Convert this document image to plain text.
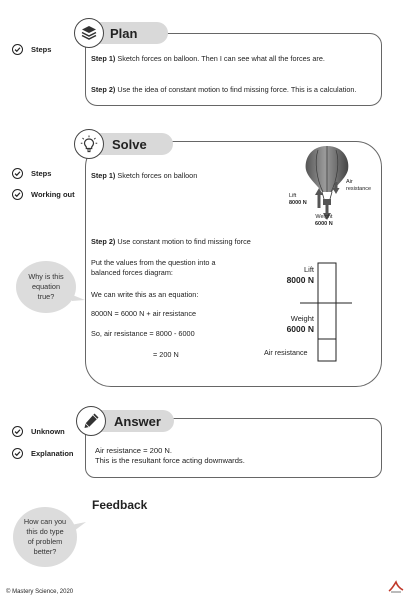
Steps
Plan
Step 1) Sketch forces on balloon. Then I can see what all the forces are.
Step 2) Use the idea of constant motion to find missing force. This is a calculation.
Steps
Working out
Solve
Step 1) Sketch forces on balloon
Lift
8000 N
Air
resistance
Weight
6000 N
Step 2) Use constant motion to find missing force
Put the values from the question into a
balanced forces diagram:
We can write this as an equation:
8000N = 6000 N + air resistance
So, air resistance = 8000 - 6000
= 200 N
Lift
8000 N
Weight
6000 N
Air resistance
Why is this
equation
true?
Unknown
Explanation
Answer
Air resistance = 200 N.
This is the resultant force acting downwards.
Feedback
How can you
this do type
of problem
better?
© Mastery Science, 2020
